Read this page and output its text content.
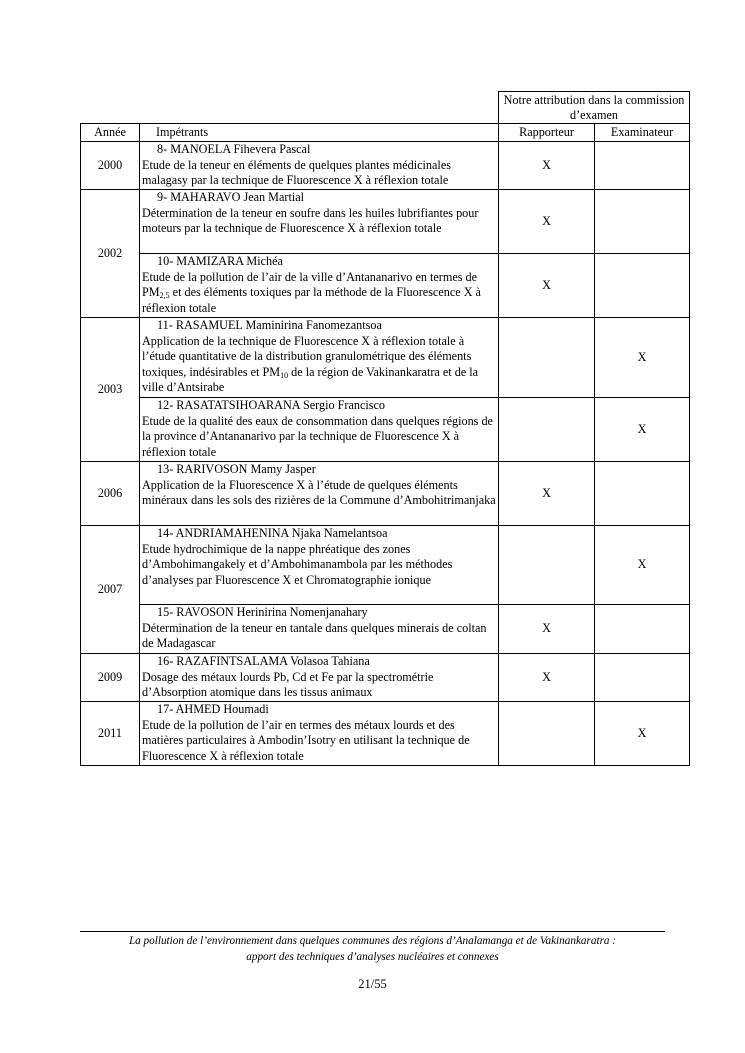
		Notre attribution dans la commission d’examen	
Année	Impétrants	Rapporteur	Examinateur
2000	8- MANOELA Fihevera Pascal
Etude de la teneur en éléments de quelques plantes médicinales malagasy par la technique de Fluorescence X à réflexion totale	X	
2002	9- MAHARAVO Jean Martial
Détermination de la teneur en soufre dans les huiles lubrifiantes pour moteurs par la technique de Fluorescence X à réflexion totale	X	

	10- MAMIZARA Michéa
Etude de la pollution de l’air de la ville d’Antananarivo en termes de $PM_{2,5}$ et des éléments toxiques par la méthode de la Fluorescence X à réflexion totale	X	
2003	11- RASAMUEL Maminirina Fanomezantsoa
Application de la technique de Fluorescence X à réflexion totale à l’étude quantitative de la distribution granulométrique des éléments toxiques, indésirables et $PM_{10}$ de la région de Vakinankaratra et de la ville d’Antsirabe		X

	12- RASATATSIHOARANA Sergio Francisco
Etude de la qualité des eaux de consommation dans quelques régions de la province d’Antananarivo par la technique de Fluorescence X à réflexion totale		X
2006	13- RARIVOSON Mamy Jasper
Application de la Fluorescence X à l’étude de quelques éléments minéraux dans les sols des rizières de la Commune d’Ambohitrimanjaka	X	
2007	14- ANDRIAMAHENINA Njaka Namelantsoa
Etude hydrochimique de la nappe phréatique des zones d’Ambohimangakely et d’Ambohimanambola par les méthodes d’analyses par Fluorescence X et Chromatographie ionique		X

	15- RAVOSON Herinirina Nomenjanahary
Détermination de la teneur en tantale dans quelques minerais de coltan de Madagascar	X	
2009	16- RAZAFINTSALAMA Volasoa Tahiana
Dosage des métaux lourds Pb, Cd et Fe par la spectrométrie d’Absorption atomique dans les tissus animaux	X	
2011	17- AHMED Houmadi
Etude de la pollution de l’air en termes des métaux lourds et des matières particulaires à Ambodin’Isotry en utilisant la technique de Fluorescence X à réflexion totale		X
La pollution de l’environnement dans quelques communes des régions d’Analamanga et de Vakinankaratra :
apport des techniques d’analyses nucléaires et connexes
21/55
